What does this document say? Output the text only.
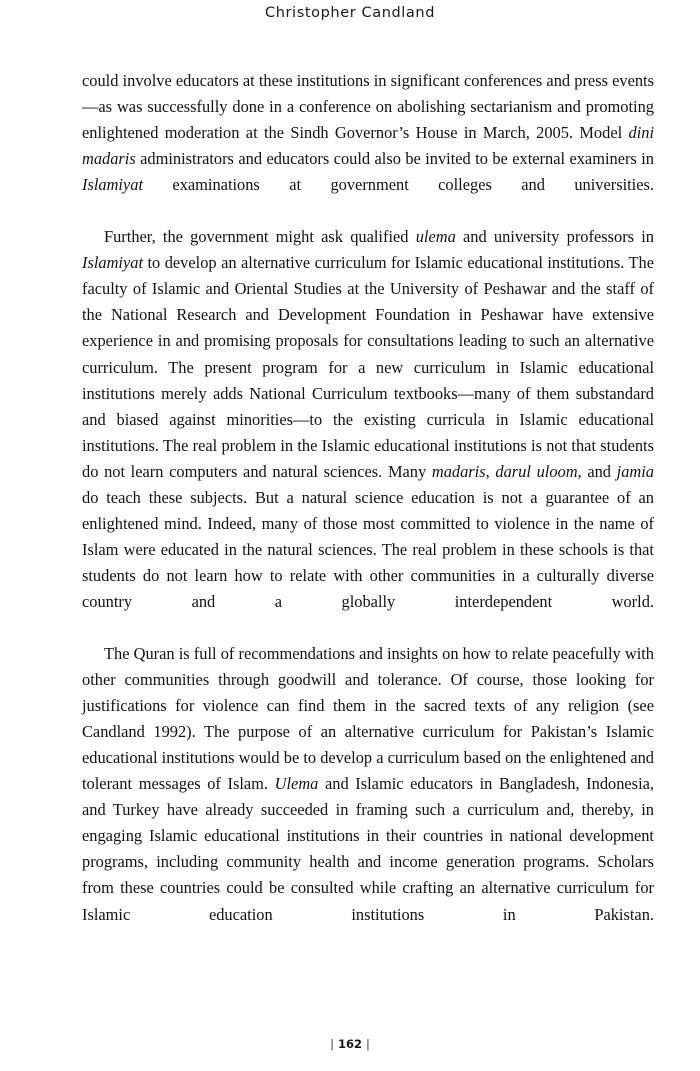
Christopher Candland

could involve educators at these institutions in significant conferences and press events—as was successfully done in a conference on abolishing sectarianism and promoting enlightened moderation at the Sindh Governor’s House in March, 2005. Model dini madaris administrators and educators could also be invited to be external examiners in Islamiyat examinations at government colleges and universities.

Further, the government might ask qualified ulema and university professors in Islamiyat to develop an alternative curriculum for Islamic educational institutions. The faculty of Islamic and Oriental Studies at the University of Peshawar and the staff of the National Research and Development Foundation in Peshawar have extensive experience in and promising proposals for consultations leading to such an alternative curriculum. The present program for a new curriculum in Islamic educational institutions merely adds National Curriculum textbooks—many of them substandard and biased against minorities—to the existing curricula in Islamic educational institutions. The real problem in the Islamic educational institutions is not that students do not learn computers and natural sciences. Many madaris, darul uloom, and jamia do teach these subjects. But a natural science education is not a guarantee of an enlightened mind. Indeed, many of those most committed to violence in the name of Islam were educated in the natural sciences. The real problem in these schools is that students do not learn how to relate with other communities in a culturally diverse country and a globally interdependent world.

The Quran is full of recommendations and insights on how to relate peacefully with other communities through goodwill and tolerance. Of course, those looking for justifications for violence can find them in the sacred texts of any religion (see Candland 1992). The purpose of an alternative curriculum for Pakistan’s Islamic educational institutions would be to develop a curriculum based on the enlightened and tolerant messages of Islam. Ulema and Islamic educators in Bangladesh, Indonesia, and Turkey have already succeeded in framing such a curriculum and, thereby, in engaging Islamic educational institutions in their countries in national development programs, including community health and income generation programs. Scholars from these countries could be consulted while crafting an alternative curriculum for Islamic education institutions in Pakistan.

| 162 |
